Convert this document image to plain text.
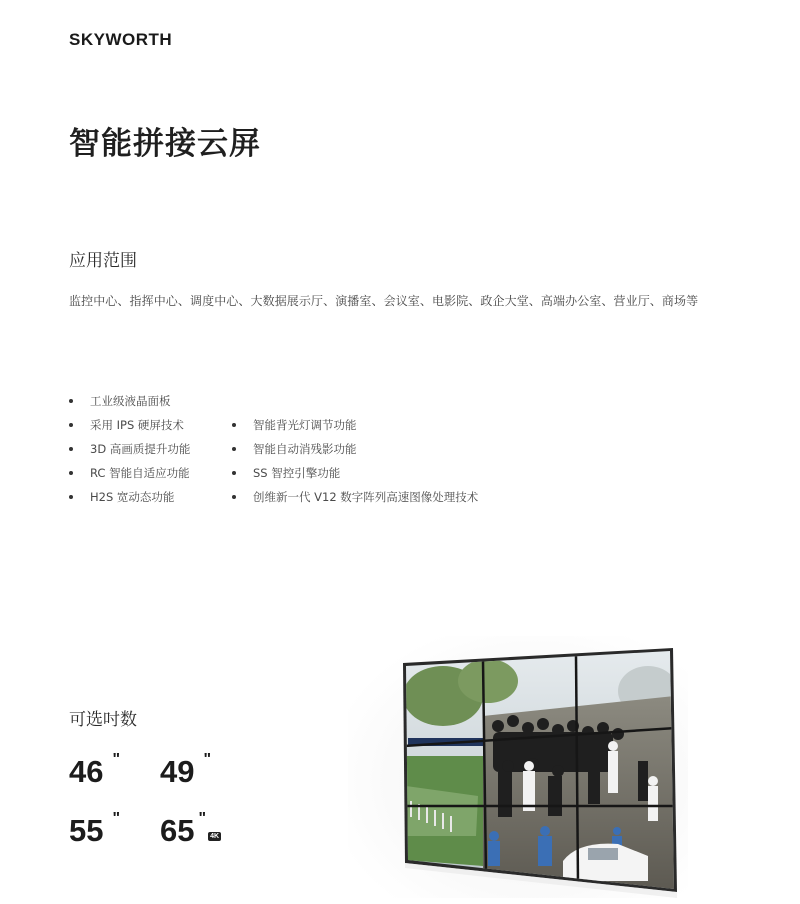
SKYWORTH
智能拼接云屏
应用范围
监控中心、指挥中心、调度中心、大数据展示厅、演播室、会议室、电影院、政企大堂、高端办公室、营业厅、商场等
工业级液晶面板
采用 IPS 硬屏技术
3D 高画质提升功能
RC 智能自适应功能
H2S 宽动态功能
智能背光灯调节功能
智能自动消残影功能
SS 智控引擎功能
创维新一代 V12 数字阵列高速图像处理技术
可选吋数
46 " 49 "
55 " 65 "4K
